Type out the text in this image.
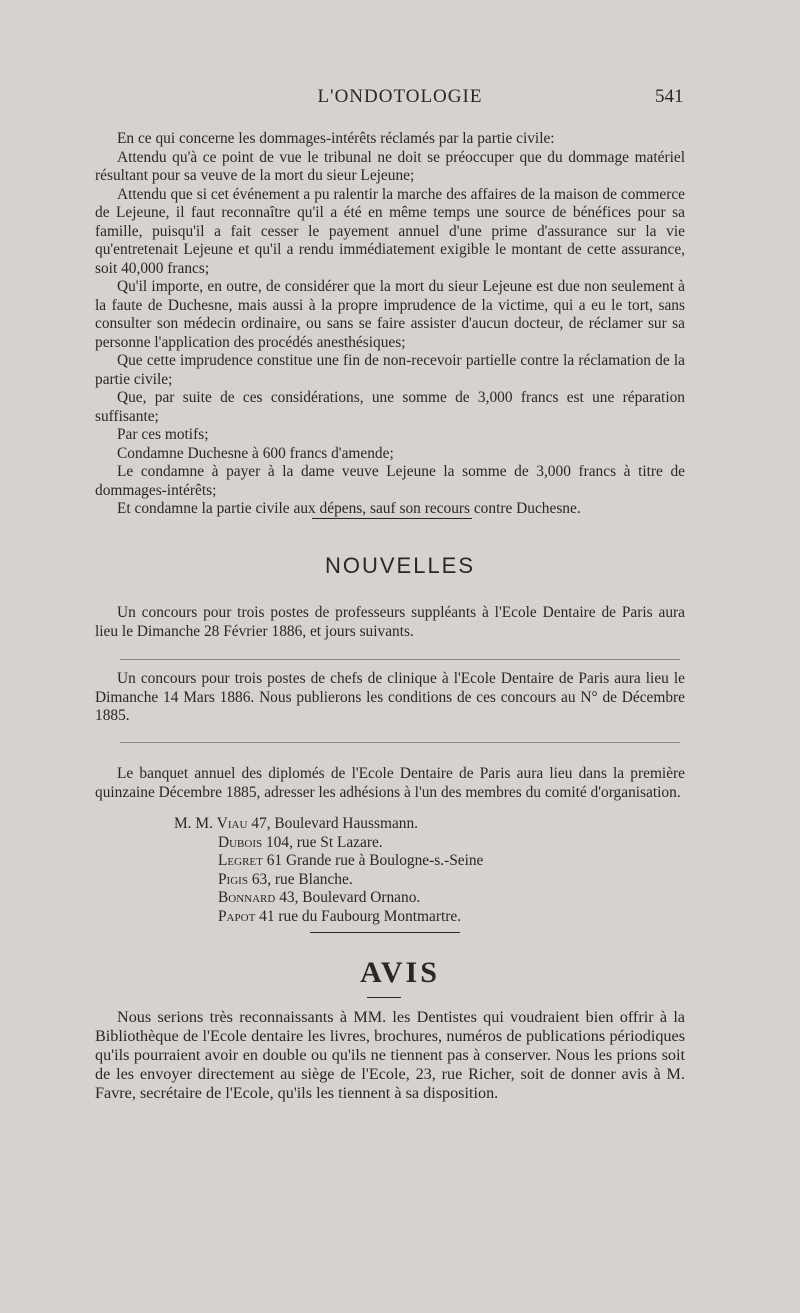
L'ONDOTOLOGIE	541

En ce qui concerne les dommages-intérêts réclamés par la partie civile:

Attendu qu'à ce point de vue le tribunal ne doit se préoccuper que du dommage matériel résultant pour sa veuve de la mort du sieur Lejeune;

Attendu que si cet événement a pu ralentir la marche des affaires de la maison de commerce de Lejeune, il faut reconnaître qu'il a été en même temps une source de bénéfices pour sa famille, puisqu'il a fait cesser le payement annuel d'une prime d'assurance sur la vie qu'entretenait Lejeune et qu'il a rendu immédiatement exigible le montant de cette assurance, soit 40,000 francs;

Qu'il importe, en outre, de considérer que la mort du sieur Lejeune est due non seulement à la faute de Duchesne, mais aussi à la propre imprudence de la victime, qui a eu le tort, sans consulter son médecin ordinaire, ou sans se faire assister d'aucun docteur, de réclamer sur sa personne l'application des procédés anesthésiques;

Que cette imprudence constitue une fin de non-recevoir partielle contre la réclamation de la partie civile;

Que, par suite de ces considérations, une somme de 3,000 francs est une réparation suffisante;

Par ces motifs;

Condamne Duchesne à 600 francs d'amende;

Le condamne à payer à la dame veuve Lejeune la somme de 3,000 francs à titre de dommages-intérêts;

Et condamne la partie civile aux dépens, sauf son recours contre Duchesne.

NOUVELLES

Un concours pour trois postes de professeurs suppléants à l'Ecole Dentaire de Paris aura lieu le Dimanche 28 Février 1886, et jours suivants.

Un concours pour trois postes de chefs de clinique à l'Ecole Dentaire de Paris aura lieu le Dimanche 14 Mars 1886. Nous publierons les conditions de ces concours au N° de Décembre 1885.

Le banquet annuel des diplomés de l'Ecole Dentaire de Paris aura lieu dans la première quinzaine Décembre 1885, adresser les adhésions à l'un des membres du comité d'organisation.

M. M. Viau 47, Boulevard Haussmann.
Dubois 104, rue St Lazare.
Legret 61 Grande rue à Boulogne-s.-Seine
Pigis 63, rue Blanche.
Bonnard 43, Boulevard Ornano.
Papot 41 rue du Faubourg Montmartre.
AVIS

Nous serions très reconnaissants à MM. les Dentistes qui voudraient bien offrir à la Bibliothèque de l'Ecole dentaire les livres, brochures, numéros de publications périodiques qu'ils pourraient avoir en double ou qu'ils ne tiennent pas à conserver. Nous les prions soit de les envoyer directement au siège de l'Ecole, 23, rue Richer, soit de donner avis à M. Favre, secrétaire de l'Ecole, qu'ils les tiennent à sa disposition.
